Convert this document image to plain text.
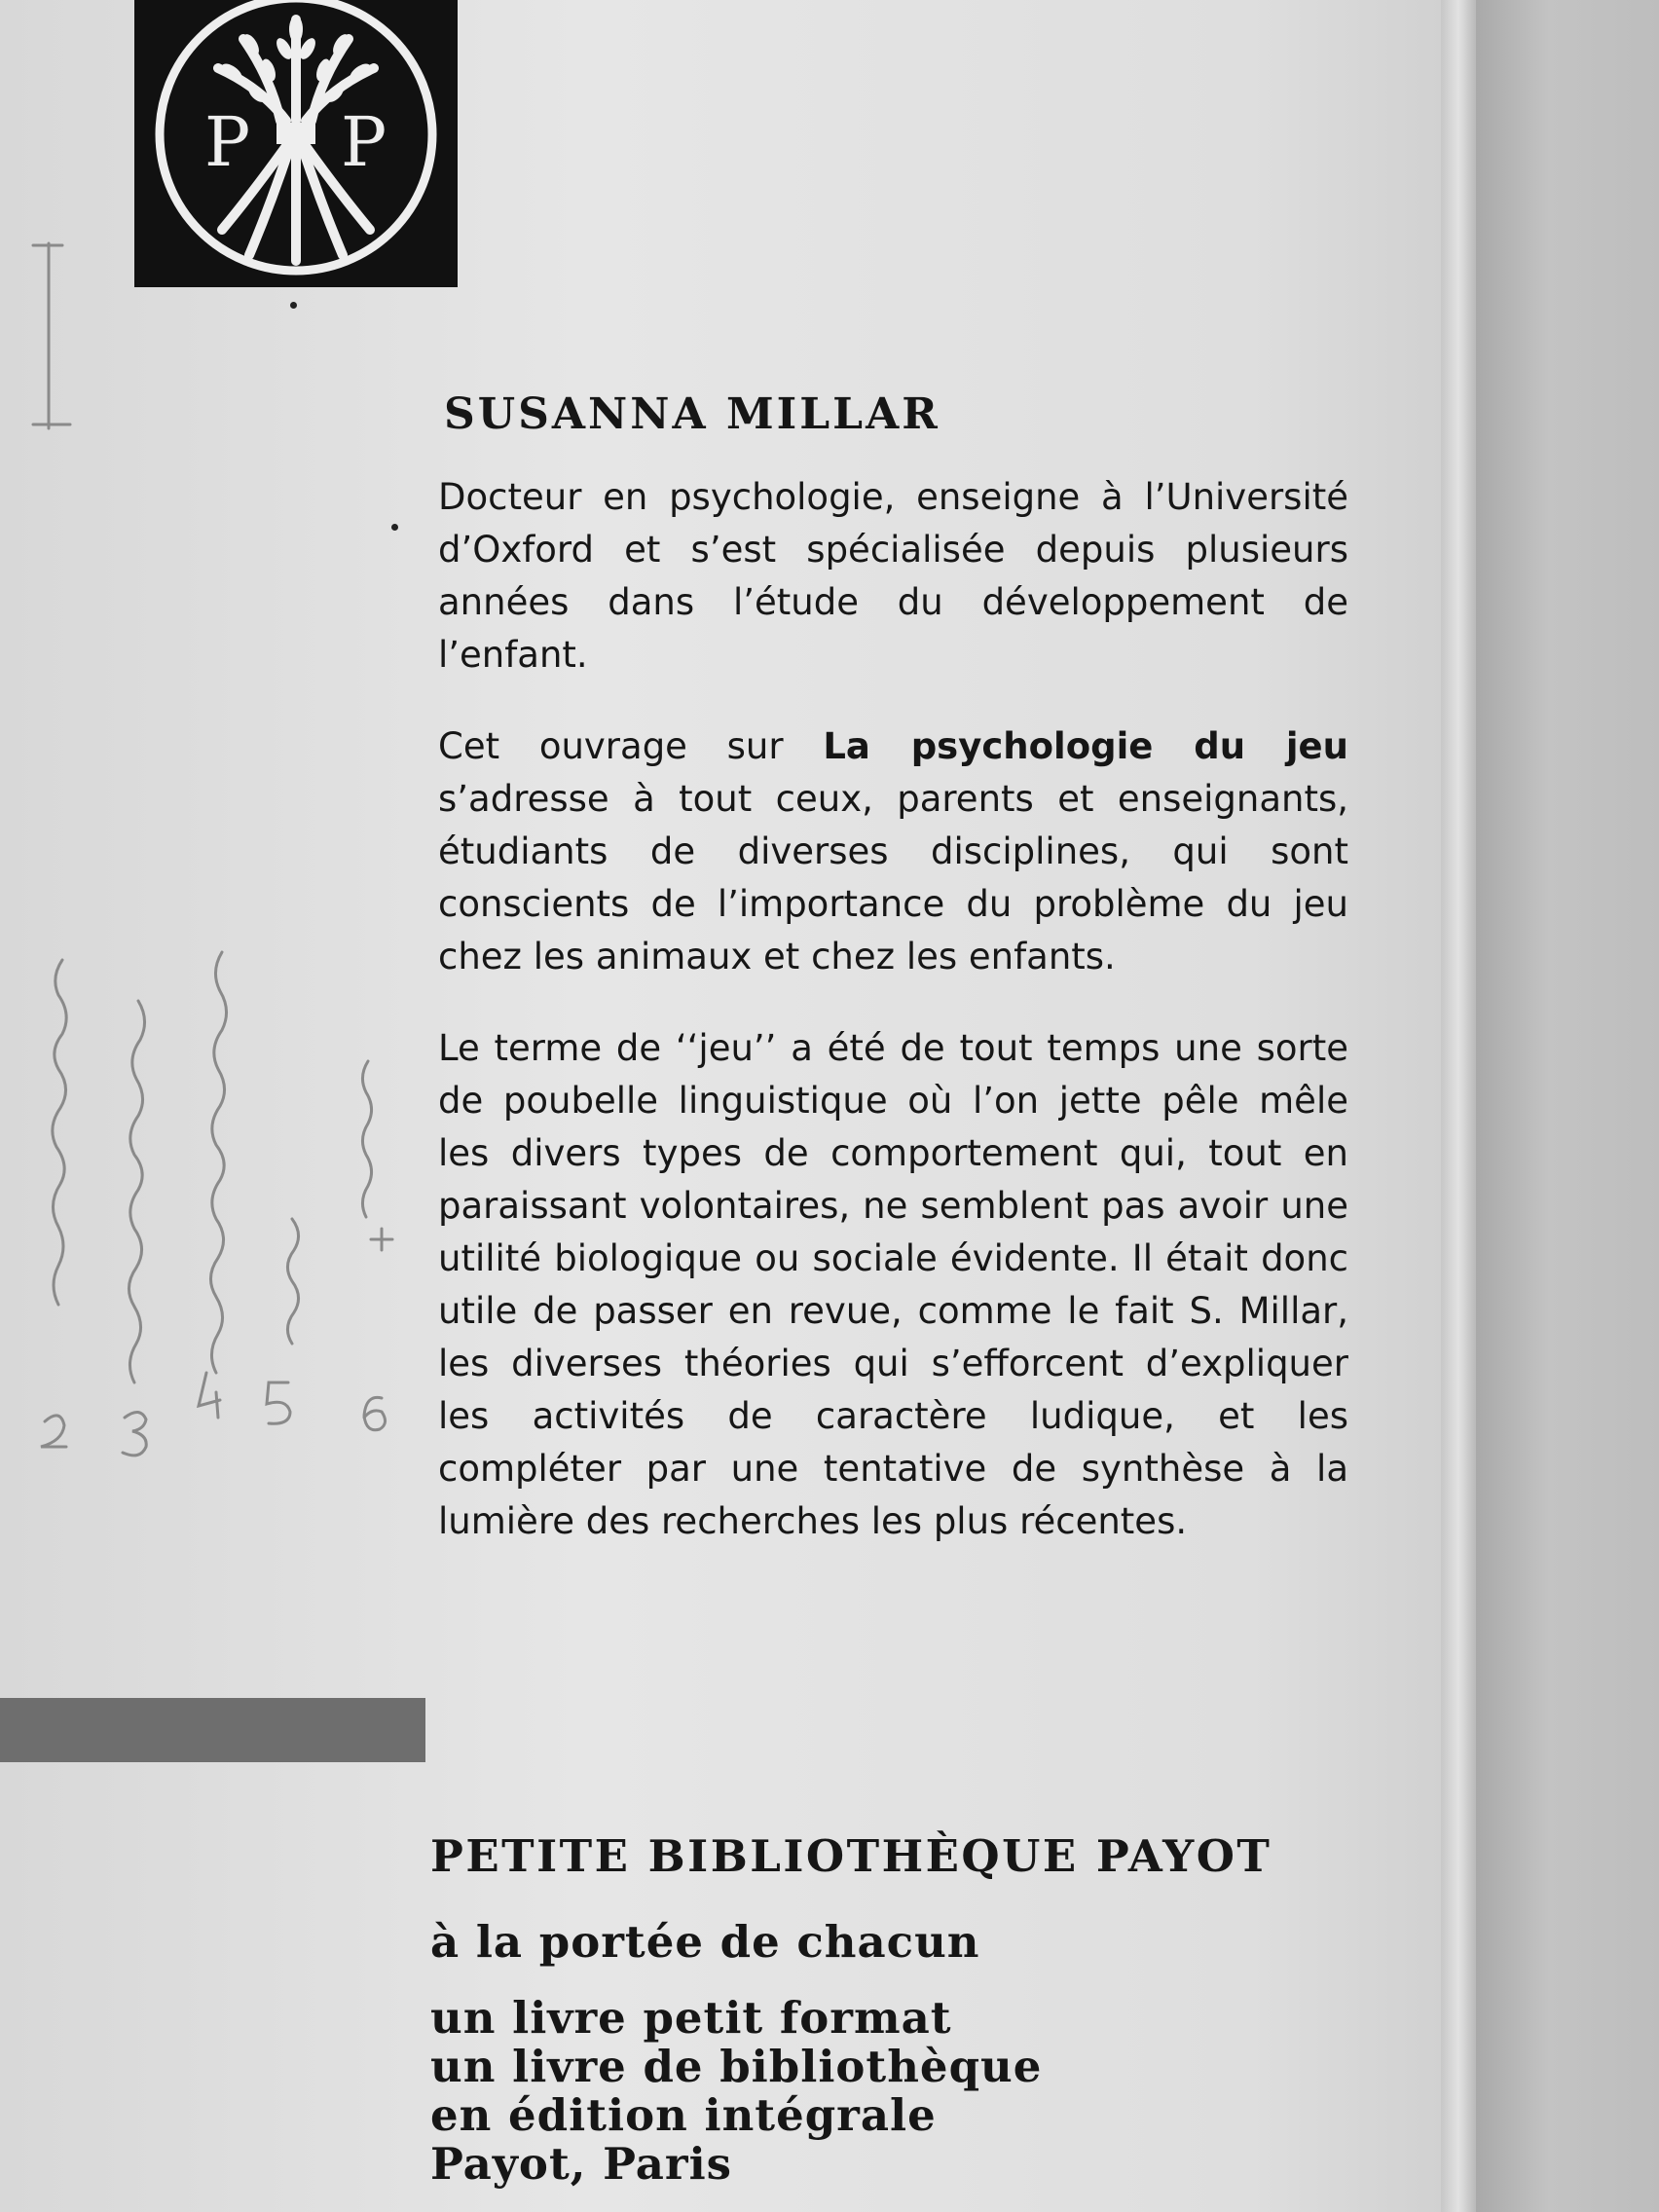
P P
SUSANNA MILLAR

Docteur en psychologie, enseigne à l’Université d’Oxford et s’est spécialisée depuis plusieurs années dans l’étude du développement de l’enfant.

Cet ouvrage sur La psychologie du jeu s’adresse à tout ceux, parents et enseignants, étudiants de diverses disciplines, qui sont conscients de l’importance du problème du jeu chez les animaux et chez les enfants.

Le terme de ‘‘jeu’’ a été de tout temps une sorte de poubelle linguistique où l’on jette pêle mêle les divers types de comportement qui, tout en paraissant volontaires, ne semblent pas avoir une utilité biologique ou sociale évidente. Il était donc utile de passer en revue, comme le fait S. Millar, les diverses théories qui s’efforcent d’expliquer les activités de caractère ludique, et les compléter par une tentative de synthèse à la lumière des recherches les plus récentes.

PETITE BIBLIOTHÈQUE PAYOT

à la portée de chacun

un livre petit format
un livre de bibliothèque
en édition intégrale
Payot, Paris
